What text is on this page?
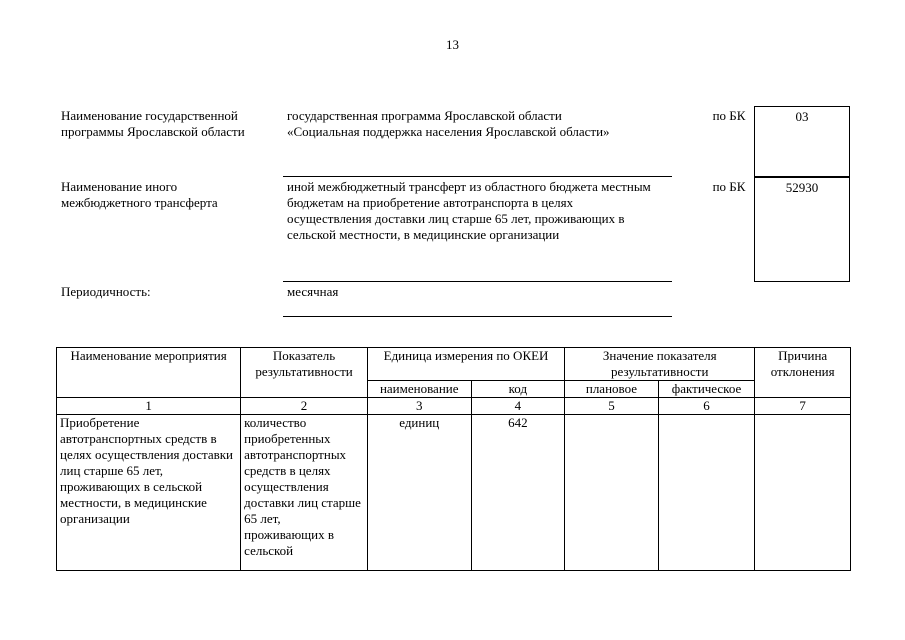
13
Наименование государственной программы Ярославской области
государственная программа Ярославской области
«Социальная поддержка населения Ярославской области»
по БК	03
Наименование иного межбюджетного трансферта
иной межбюджетный трансферт из областного бюджета местным бюджетам на приобретение автотранспорта в целях осуществления доставки лиц старше 65 лет, проживающих в сельской местности, в медицинские организации
по БК	52930
Периодичность:	месячная
Наименование мероприятия	Показатель результативности	Единица измерения по ОКЕИ		Значение показателя результативности		Причина отклонения
		наименование	код	плановое	фактическое	
1	2	3	4	5	6	7
Приобретение автотранспортных средств в целях осуществления доставки лиц старше 65 лет, проживающих в сельской местности, в медицинские организации	количество приобретенных автотранспортных средств в целях осуществления доставки лиц старше 65 лет, проживающих в сельской	единиц	642			
